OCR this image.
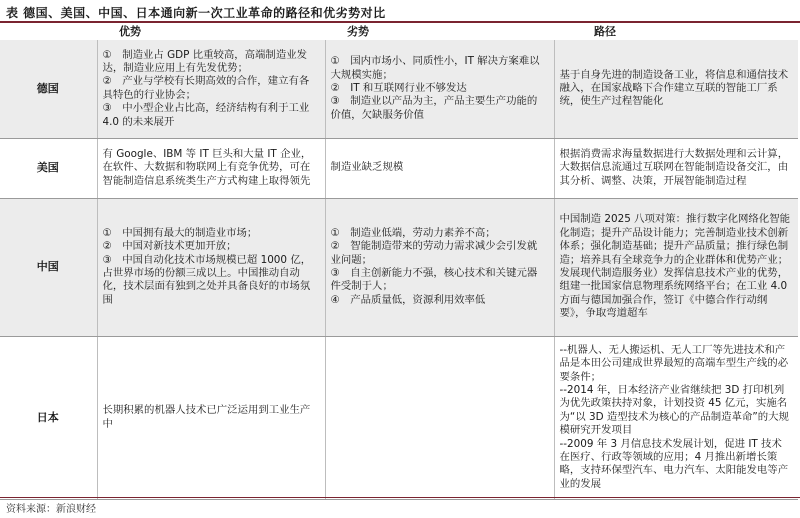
表 德国、美国、中国、日本通向新一次工业革命的路径和优劣势对比
	优势	劣势	路径
德国	①　制造业占 GDP 比重较高，高端制造业发达，制造业应用上有先发优势；
②　产业与学校有长期高效的合作，建立有各具特色的行业协会；
③　中小型企业占比高，经济结构有利于工业 4.0 的未来展开	①　国内市场小、同质性小，IT 解决方案难以大规模实施；
②　IT 和互联网行业不够发达
③　制造业以产品为主，产品主要生产功能的价值，欠缺服务价值	基于自身先进的制造设备工业，将信息和通信技术融入，在国家战略下合作建立互联的智能工厂系统，使生产过程智能化

美国	有 Google、IBM 等 IT 巨头和大量 IT 企业，在软件、大数据和物联网上有竞争优势，可在智能制造信息系统类生产方式构建上取得领先	制造业缺乏规模	根据消费需求海量数据进行大数据处理和云计算，大数据信息流通过互联网在智能制造设备交汇，由其分析、调整、决策，开展智能制造过程

中国	①　中国拥有最大的制造业市场；
②　中国对新技术更加开放；
③　中国自动化技术市场规模已超 1000 亿，占世界市场的份额三成以上。中国推动自动化，技术层面有独到之处并具备良好的市场氛围	①　制造业低端，劳动力素养不高；
②　智能制造带来的劳动力需求减少会引发就业问题；
③　自主创新能力不强，核心技术和关键元器件受制于人；
④　产品质量低，资源利用效率低	中国制造 2025 八项对策：推行数字化网络化智能化制造；提升产品设计能力；完善制造业技术创新体系；强化制造基础；提升产品质量；推行绿色制造；培养具有全球竞争力的企业群体和优势产业；发展现代制造服务业）发挥信息技术产业的优势，组建一批国家信息物理系统网络平台；在工业 4.0 方面与德国加强合作，签订《中德合作行动纲要》，争取弯道超车

日本	长期积累的机器人技术已广泛运用到工业生产中		--机器人、无人搬运机、无人工厂等先进技术和产品是本田公司建成世界最短的高端车型生产线的必要条件；
--2014 年，日本经济产业省继续把 3D 打印机列为优先政策扶持对象，计划投资 45 亿元，实施名为“以 3D 造型技术为核心的产品制造革命”的大规模研究开发项目
--2009 年 3 月信息技术发展计划，促进 IT 技术在医疗、行政等领域的应用；4 月推出新增长策略，支持环保型汽车、电力汽车、太阳能发电等产业的发展
资料来源：新浪财经
